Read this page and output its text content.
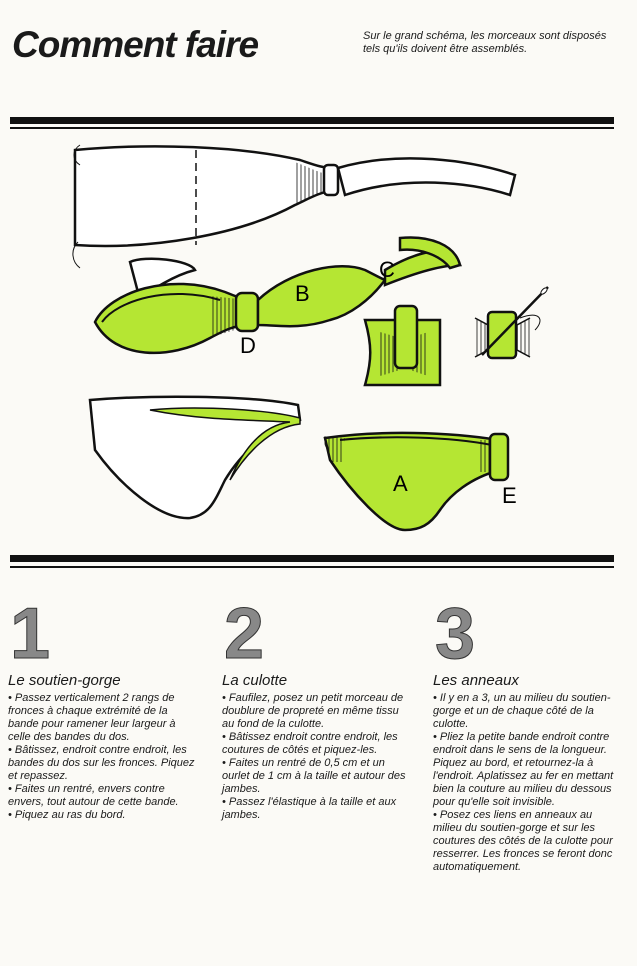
Comment faire	Sur le grand schéma, les morceaux sont disposés tels qu'ils doivent être assemblés.
B
C
D
A	E
1
Le soutien-gorge

• Passez verticalement 2 rangs de fronces à chaque extrémité de la bande pour ramener leur largeur à celle des bandes du dos.

• Bâtissez, endroit contre endroit, les bandes du dos sur les fronces. Piquez et repassez.

• Faites un rentré, envers contre envers, tout autour de cette bande.

• Piquez au ras du bord.

2
La culotte

• Faufilez, posez un petit morceau de doublure de propreté en même tissu au fond de la culotte.

• Bâtissez endroit contre endroit, les coutures de côtés et piquez-les.

• Faites un rentré de 0,5 cm et un ourlet de 1 cm à la taille et autour des jambes.

• Passez l'élastique à la taille et aux jambes.

3
Les anneaux

• Il y en a 3, un au milieu du soutien-gorge et un de chaque côté de la culotte.

• Pliez la petite bande endroit contre endroit dans le sens de la longueur. Piquez au bord, et retournez-la à l'endroit. Aplatissez au fer en mettant bien la couture au milieu du dessous pour qu'elle soit invisible.

• Posez ces liens en anneaux au milieu du soutien-gorge et sur les coutures des côtés de la culotte pour resserrer. Les fronces se feront donc automatiquement.
